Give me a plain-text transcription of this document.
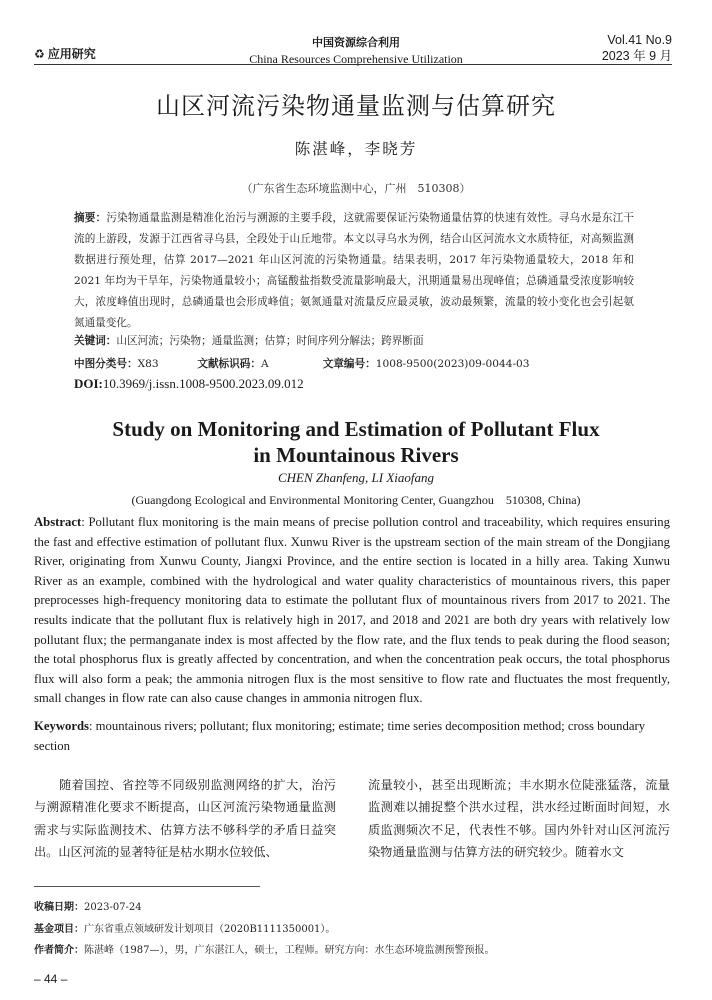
♻ 应用研究
中国资源综合利用
China Resources Comprehensive Utilization
Vol.41 No.9
2023 年 9 月
山区河流污染物通量监测与估算研究
陈湛峰，李晓芳
（广东省生态环境监测中心，广州　510308）
摘要：污染物通量监测是精准化治污与溯源的主要手段，这就需要保证污染物通量估算的快速有效性。寻乌水是东江干流的上游段，发源于江西省寻乌县，全段处于山丘地带。本文以寻乌水为例，结合山区河流水文水质特征，对高频监测数据进行预处理，估算 2017—2021 年山区河流的污染物通量。结果表明，2017 年污染物通量较大，2018 年和 2021 年均为干旱年，污染物通量较小；高锰酸盐指数受流量影响最大，汛期通量易出现峰值；总磷通量受浓度影响较大，浓度峰值出现时，总磷通量也会形成峰值；氨氮通量对流量反应最灵敏，波动最频繁，流量的较小变化也会引起氨氮通量变化。
关键词：山区河流；污染物；通量监测；估算；时间序列分解法；跨界断面
中图分类号：X83	文献标识码：A	文章编号：1008-9500(2023)09-0044-03
DOI:10.3969/j.issn.1008-9500.2023.09.012
Study on Monitoring and Estimation of Pollutant Flux
in Mountainous Rivers
CHEN Zhanfeng, LI Xiaofang
(Guangdong Ecological and Environmental Monitoring Center, Guangzhou　510308, China)
Abstract: Pollutant flux monitoring is the main means of precise pollution control and traceability, which requires ensuring the fast and effective estimation of pollutant flux. Xunwu River is the upstream section of the main stream of the Dongjiang River, originating from Xunwu County, Jiangxi Province, and the entire section is located in a hilly area. Taking Xunwu River as an example, combined with the hydrological and water quality characteristics of mountainous rivers, this paper preprocesses high-frequency monitoring data to estimate the pollutant flux of mountainous rivers from 2017 to 2021. The results indicate that the pollutant flux is relatively high in 2017, and 2018 and 2021 are both dry years with relatively low pollutant flux; the permanganate index is most affected by the flow rate, and the flux tends to peak during the flood season; the total phosphorus flux is greatly affected by concentration, and when the concentration peak occurs, the total phosphorus flux will also form a peak; the ammonia nitrogen flux is the most sensitive to flow rate and fluctuates the most frequently, small changes in flow rate can also cause changes in ammonia nitrogen flux.
Keywords: mountainous rivers; pollutant; flux monitoring; estimate; time series decomposition method; cross boundary section
随着国控、省控等不同级别监测网络的扩大，治污与溯源精准化要求不断提高，山区河流污染物通量监测需求与实际监测技术、估算方法不够科学的矛盾日益突出。山区河流的显著特征是枯水期水位较低、
流量较小，甚至出现断流；丰水期水位陡涨猛落，流量监测难以捕捉整个洪水过程，洪水经过断面时间短，水质监测频次不足，代表性不够。国内外针对山区河流污染物通量监测与估算方法的研究较少。随着水文
收稿日期：2023-07-24
基金项目：广东省重点领域研发计划项目（2020B1111350001）。
作者简介：陈湛峰（1987—），男，广东湛江人，硕士，工程师。研究方向：水生态环境监测预警预报。
– 44 –
